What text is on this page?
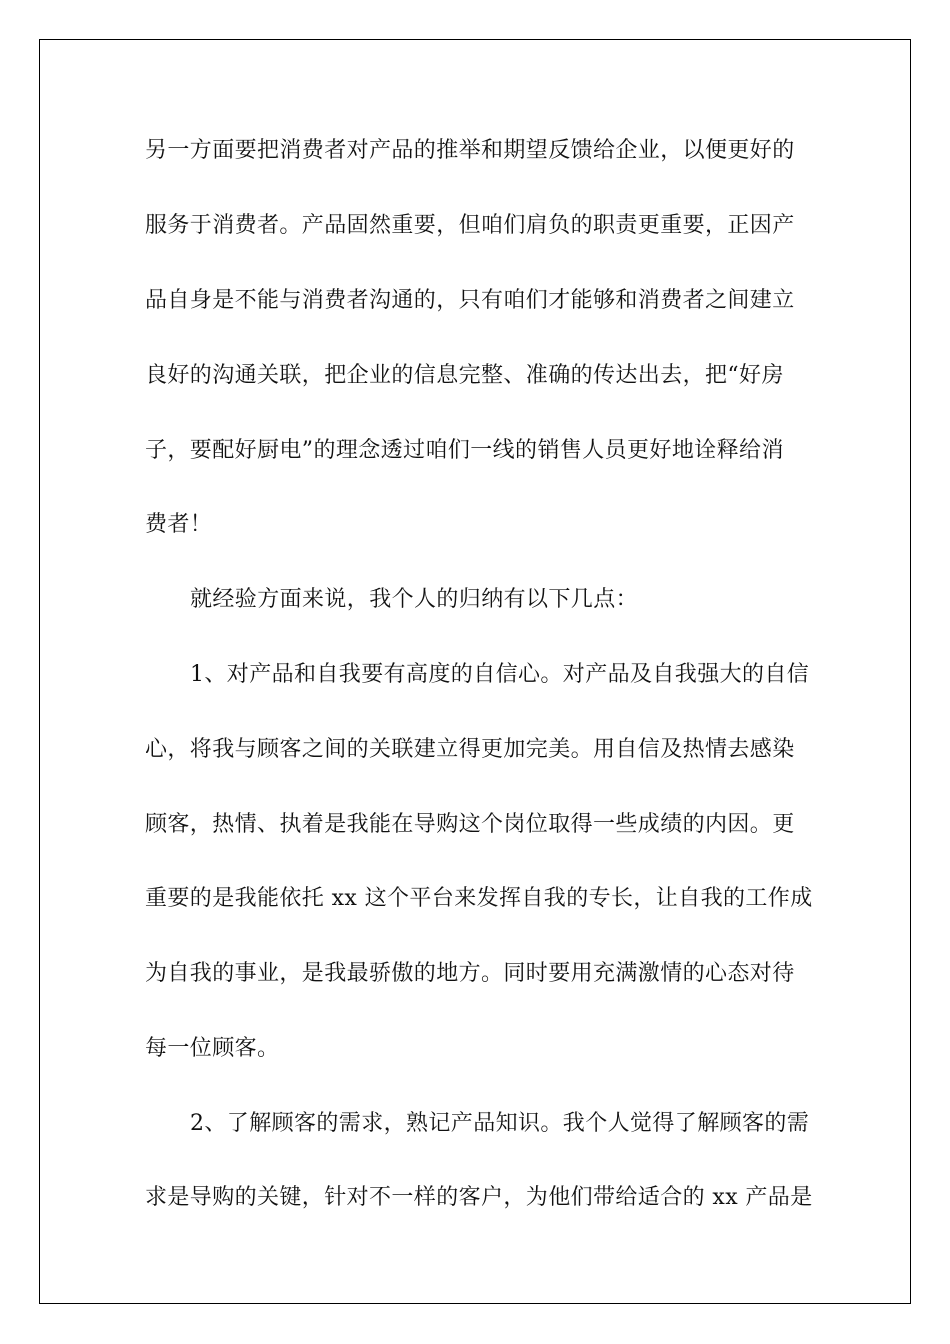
另一方面要把消费者对产品的推举和期望反馈给企业，以便更好的
服务于消费者。产品固然重要，但咱们肩负的职责更重要，正因产
品自身是不能与消费者沟通的，只有咱们才能够和消费者之间建立
良好的沟通关联，把企业的信息完整、准确的传达出去，把“好房
子，要配好厨电”的理念透过咱们一线的销售人员更好地诠释给消
费者！
就经验方面来说，我个人的归纳有以下几点：
1、对产品和自我要有高度的自信心。对产品及自我强大的自信
心，将我与顾客之间的关联建立得更加完美。用自信及热情去感染
顾客，热情、执着是我能在导购这个岗位取得一些成绩的内因。更
重要的是我能依托 xx 这个平台来发挥自我的专长，让自我的工作成
为自我的事业，是我最骄傲的地方。同时要用充满激情的心态对待
每一位顾客。
2、了解顾客的需求，熟记产品知识。我个人觉得了解顾客的需
求是导购的关键，针对不一样的客户，为他们带给适合的 xx 产品是
